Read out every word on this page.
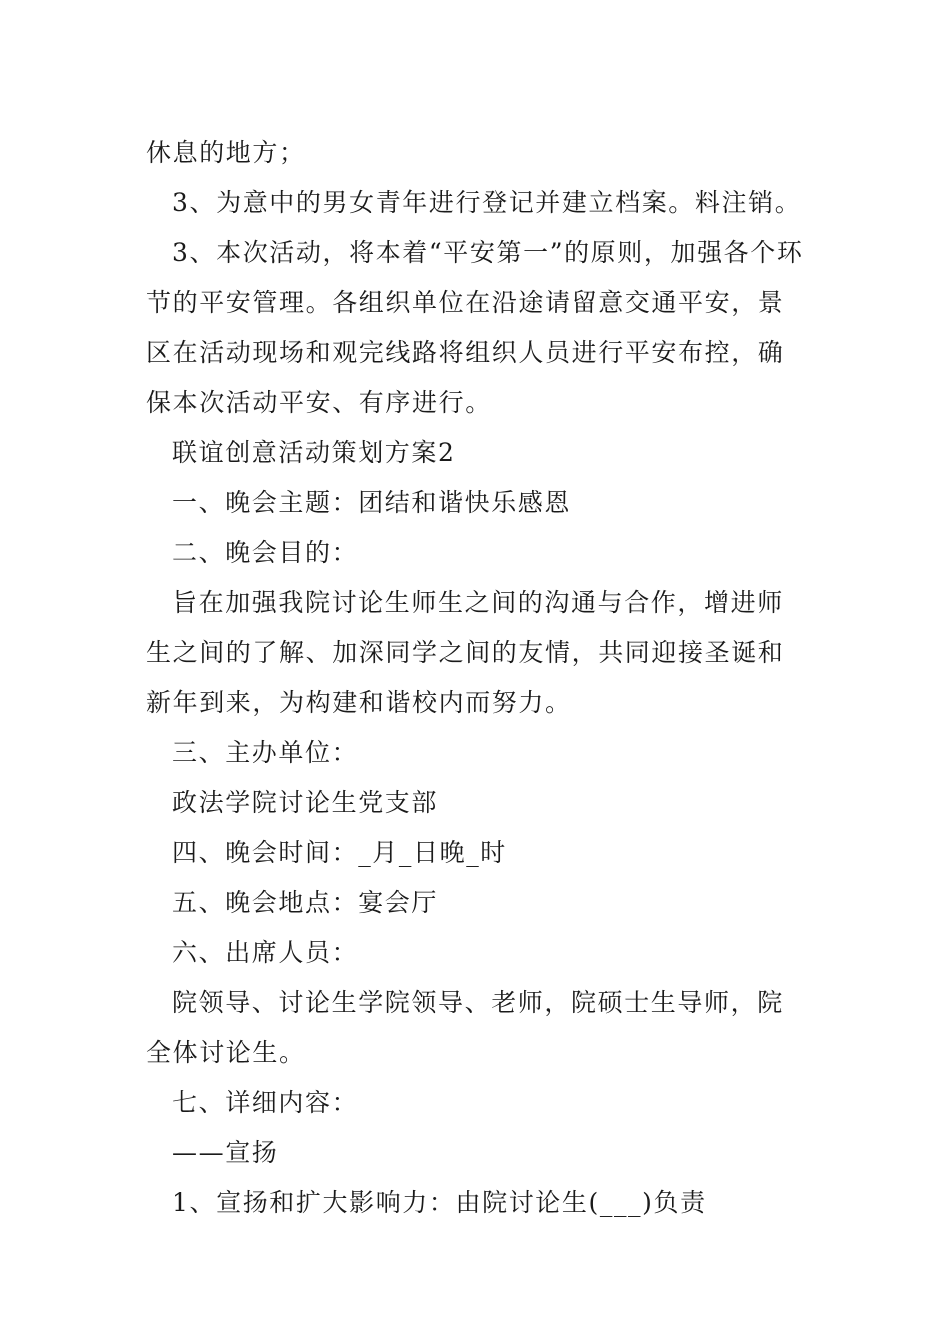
休息的地方；

3、为意中的男女青年进行登记并建立档案。料注销。

3、本次活动，将本着“平安第一”的原则，加强各个环节的平安管理。各组织单位在沿途请留意交通平安，景区在活动现场和观完线路将组织人员进行平安布控，确保本次活动平安、有序进行。

联谊创意活动策划方案2

一、晚会主题：团结和谐快乐感恩

二、晚会目的：

旨在加强我院讨论生师生之间的沟通与合作，增进师生之间的了解、加深同学之间的友情，共同迎接圣诞和新年到来，为构建和谐校内而努力。

三、主办单位：

政法学院讨论生党支部

四、晚会时间：_月_日晚_时

五、晚会地点：宴会厅

六、出席人员：

院领导、讨论生学院领导、老师，院硕士生导师，院全体讨论生。

七、详细内容：

——宣扬

1、宣扬和扩大影响力：由院讨论生(___)负责
